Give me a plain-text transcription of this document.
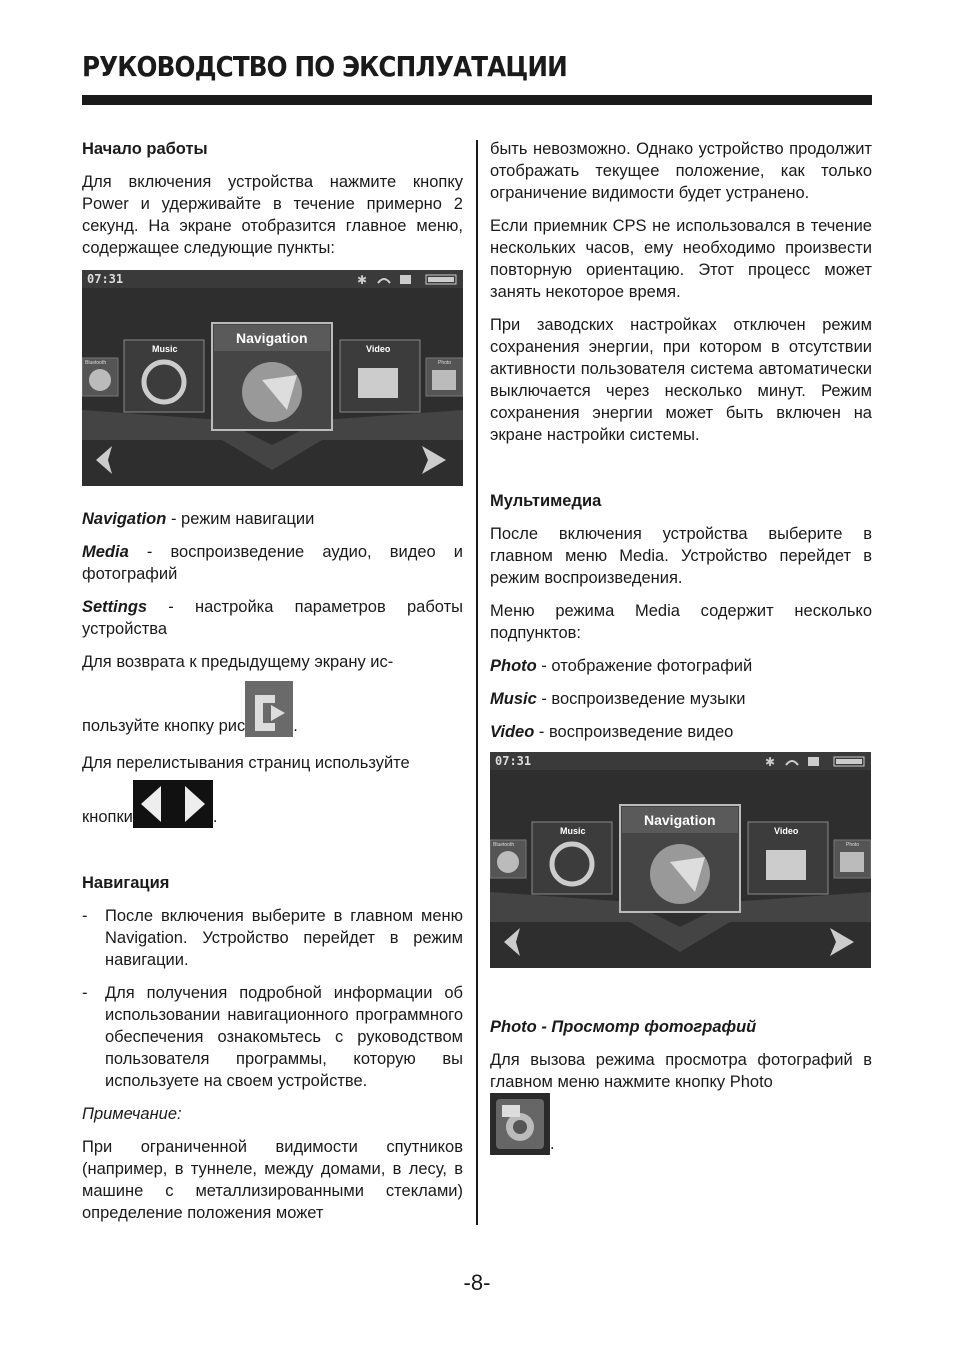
РУКОВОДСТВО ПО ЭКСПЛУАТАЦИИ
Начало работы

Для включения устройства нажмите кнопку Power и удерживайте в течение примерно 2 секунд. На экране отобразится главное меню, содержащее следующие пункты:

Navigation - режим навигации

Media - воспроизведение аудио, видео и фотографий

Settings - настройка параметров работы устройства

Для возврата к предыдущему экрану ис-

пользуйте кнопку рис	.

Для перелистывания страниц используйте

кнопки	.

Навигация
-	После включения выберите в главном меню Navigation. Устройство перейдет в режим навигации.
-	Для получения подробной информации об использовании навигационного программного обеспечения ознакомьтесь с руководством пользователя программы, которую вы используете на своем устройстве.

Примечание:

При ограниченной видимости спутников (например, в туннеле, между домами, в лесу, в машине с металлизированными стеклами) определение положения может

быть невозможно. Однако устройство продолжит отображать текущее положение, как только ограничение видимости будет устранено.

Если приемник CPS не использовался в течение нескольких часов, ему необходимо произвести повторную ориентацию. Этот процесс может занять некоторое время.

При заводских настройках отключен режим сохранения энергии, при котором в отсутствии активности пользователя система автоматически выключается через несколько минут. Режим сохранения энергии может быть включен на экране настройки системы.

Мультимедиа

После включения устройства выберите в главном меню Media. Устройство перейдет в режим воспроизведения.

Меню режима Media содержит несколько подпунктов:

Photo - отображение фотографий

Music - воспроизведение музыки

Video - воспроизведение видео

Photo - Просмотр фотографий

Для вызова режима просмотра фотографий в главном меню нажмите кнопку Photo

.

-8-
